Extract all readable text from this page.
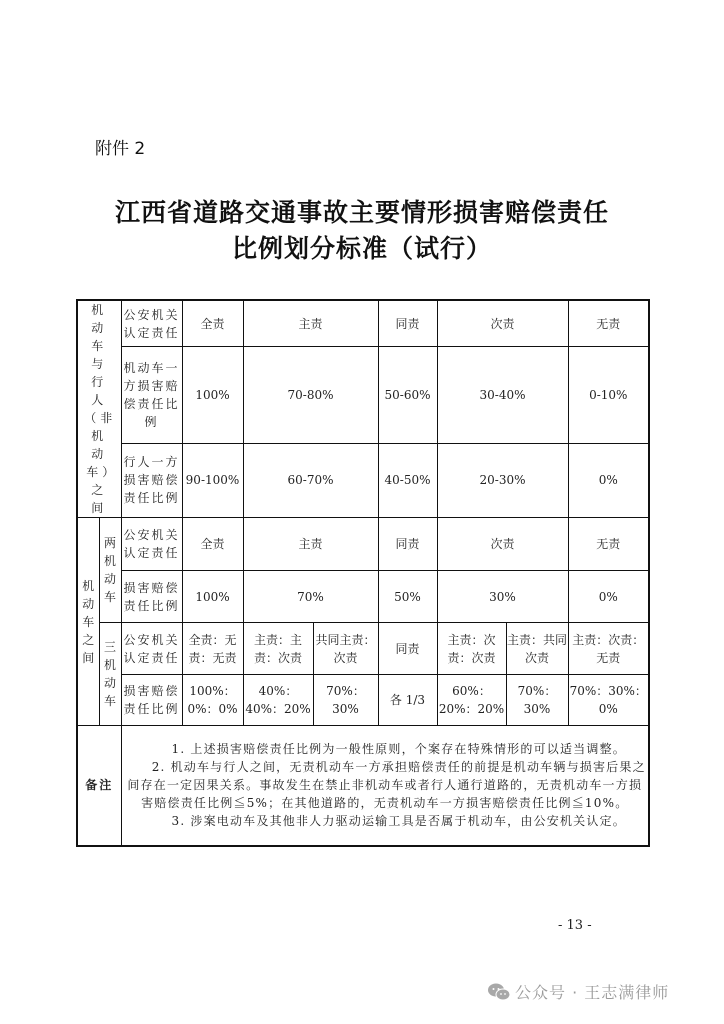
附件 2
江西省道路交通事故主要情形损害赔偿责任
比例划分标准（试行）
机动车与行人（非机动车）之间		公安机关认定责任	全责	主责		同责	次责		无责
		机动车一方损害赔偿责任比例	100%	70-80%		50-60%	30-40%		0-10%
		行人一方损害赔偿责任比例	90-100%	60-70%		40-50%	20-30%		0%
机动车之间	两机动车	公安机关认定责任	全责	主责		同责	次责		无责
		损害赔偿责任比例	100%	70%		50%	30%		0%
	三机动车	公安机关认定责任	全责：无责：无责	主责：主责：次责	共同主责：次责	同责	主责：次责：次责	主责：共同次责	主责：次责：无责
		损害赔偿责任比例	100%：0%：0%	40%： 40%：20%	70%： 30%	各 1/3	60%：20%：20%	70%： 30%	70%：30%：0%
备注		1. 上述损害赔偿责任比例为一般性原则，个案存在特殊情形的可以适当调整。
2. 机动车与行人之间，无责机动车一方承担赔偿责任的前提是机动车辆与损害后果之间存在一定因果关系。事故发生在禁止非机动车或者行人通行道路的，无责机动车一方损害赔偿责任比例≦5%；在其他道路的，无责机动车一方损害赔偿责任比例≦10%。
3. 涉案电动车及其他非人力驱动运输工具是否属于机动车，由公安机关认定。							
- 13 -
公众号 · 王志满律师
